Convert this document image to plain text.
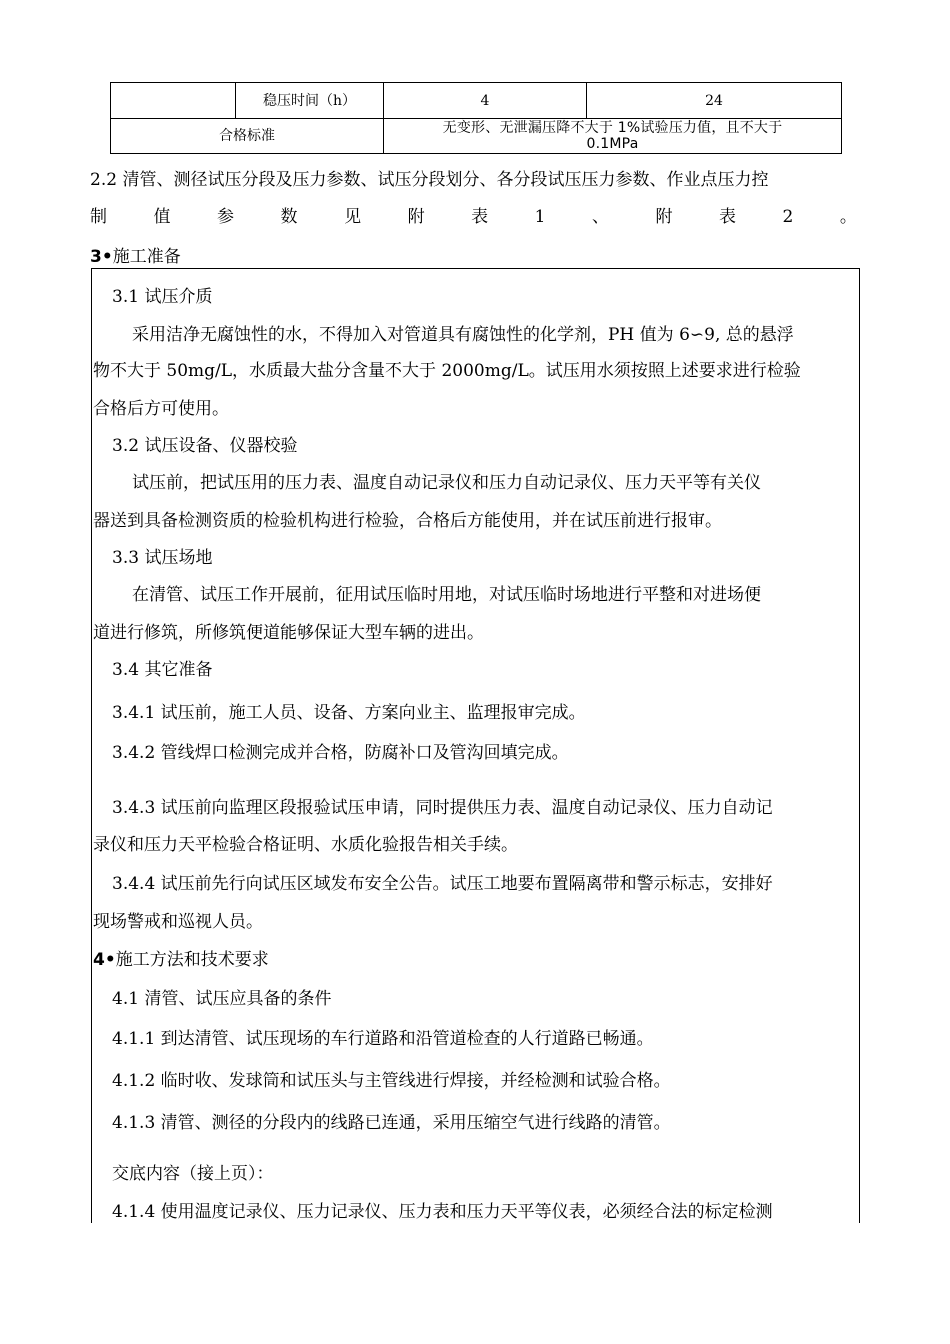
	稳压时间（h）	4	24
合格标准		无变形、无泄漏压降不大于 1%试验压力值，且不大于
0.1MPa	
2.2 清管、测径试压分段及压力参数、试压分段划分、各分段试压压力参数、作业点压力控
制	值	参	数	见	附	表	1	、	附	表	2	。
3•施工准备
3.1 试压介质
采用洁净无腐蚀性的水，不得加入对管道具有腐蚀性的化学剂，PH 值为 6∽9, 总的悬浮
物不大于 50mg/L，水质最大盐分含量不大于 2000mg/L。试压用水须按照上述要求进行检验
合格后方可使用。
3.2 试压设备、仪器校验
试压前，把试压用的压力表、温度自动记录仪和压力自动记录仪、压力天平等有关仪
器送到具备检测资质的检验机构进行检验，合格后方能使用，并在试压前进行报审。
3.3 试压场地
在清管、试压工作开展前，征用试压临时用地，对试压临时场地进行平整和对进场便
道进行修筑，所修筑便道能够保证大型车辆的进出。
3.4 其它准备
3.4.1 试压前，施工人员、设备、方案向业主、监理报审完成。
3.4.2 管线焊口检测完成并合格，防腐补口及管沟回填完成。
3.4.3 试压前向监理区段报验试压申请，同时提供压力表、温度自动记录仪、压力自动记
录仪和压力天平检验合格证明、水质化验报告相关手续。
3.4.4 试压前先行向试压区域发布安全公告。试压工地要布置隔离带和警示标志，安排好
现场警戒和巡视人员。
4•施工方法和技术要求
4.1 清管、试压应具备的条件
4.1.1 到达清管、试压现场的车行道路和沿管道检查的人行道路已畅通。
4.1.2 临时收、发球筒和试压头与主管线进行焊接，并经检测和试验合格。
4.1.3 清管、测径的分段内的线路已连通，采用压缩空气进行线路的清管。
交底内容（接上页）：
4.1.4 使用温度记录仪、压力记录仪、压力表和压力天平等仪表，必须经合法的标定检测
